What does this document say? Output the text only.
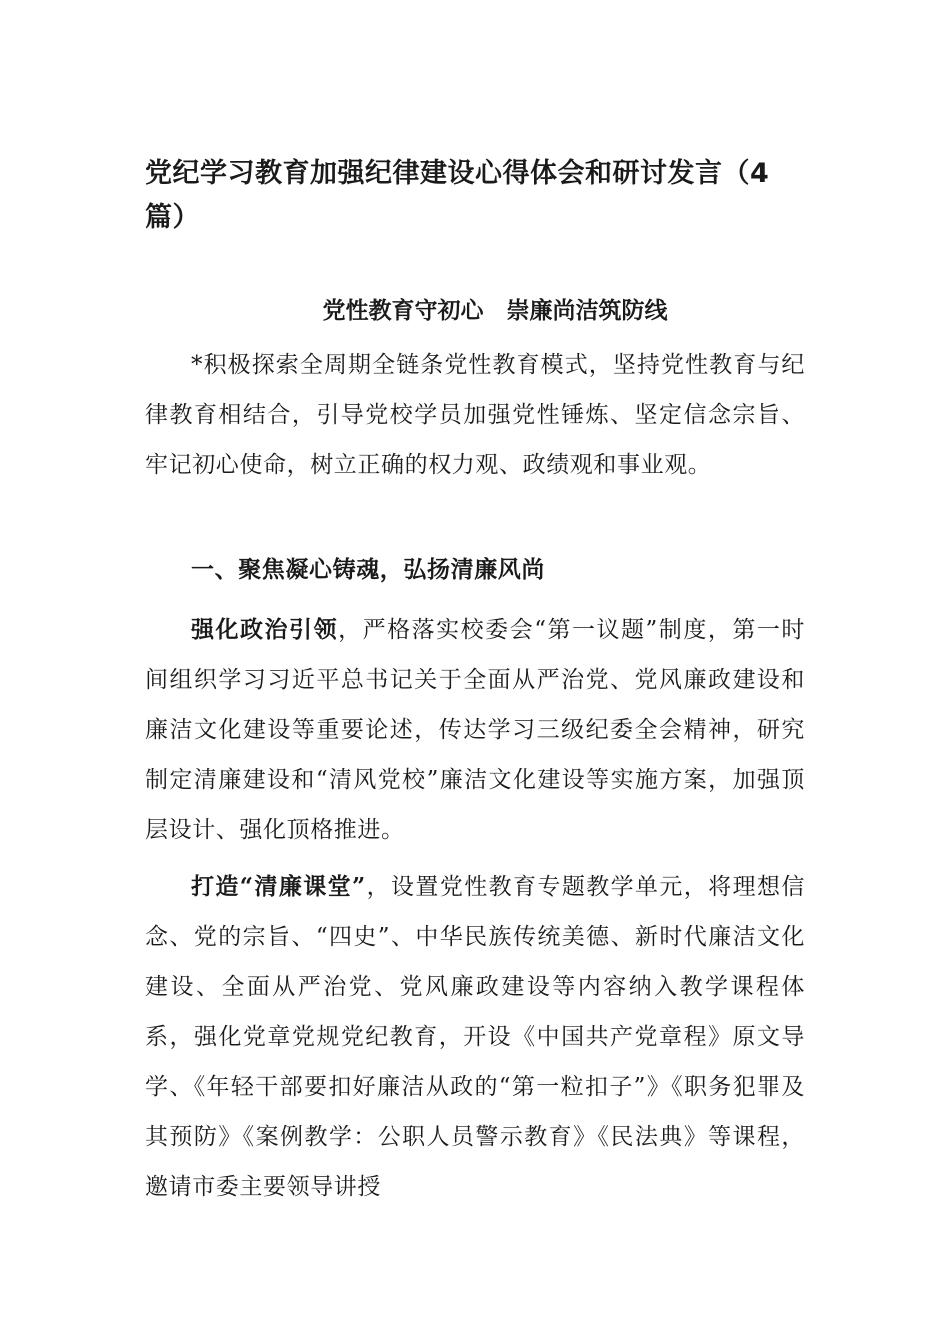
党纪学习教育加强纪律建设心得体会和研讨发言（4篇）
党性教育守初心　崇廉尚洁筑防线

*积极探索全周期全链条党性教育模式，坚持党性教育与纪律教育相结合，引导党校学员加强党性锤炼、坚定信念宗旨、牢记初心使命，树立正确的权力观、政绩观和事业观。

一、聚焦凝心铸魂，弘扬清廉风尚

强化政治引领，严格落实校委会“第一议题”制度，第一时间组织学习习近平总书记关于全面从严治党、党风廉政建设和廉洁文化建设等重要论述，传达学习三级纪委全会精神，研究制定清廉建设和“清风党校”廉洁文化建设等实施方案，加强顶层设计、强化顶格推进。

打造“清廉课堂”，设置党性教育专题教学单元，将理想信念、党的宗旨、“四史”、中华民族传统美德、新时代廉洁文化建设、全面从严治党、党风廉政建设等内容纳入教学课程体系，强化党章党规党纪教育，开设《中国共产党章程》原文导学、《年轻干部要扣好廉洁从政的“第一粒扣子”》《职务犯罪及其预防》《案例教学：公职人员警示教育》《民法典》等课程，邀请市委主要领导讲授
